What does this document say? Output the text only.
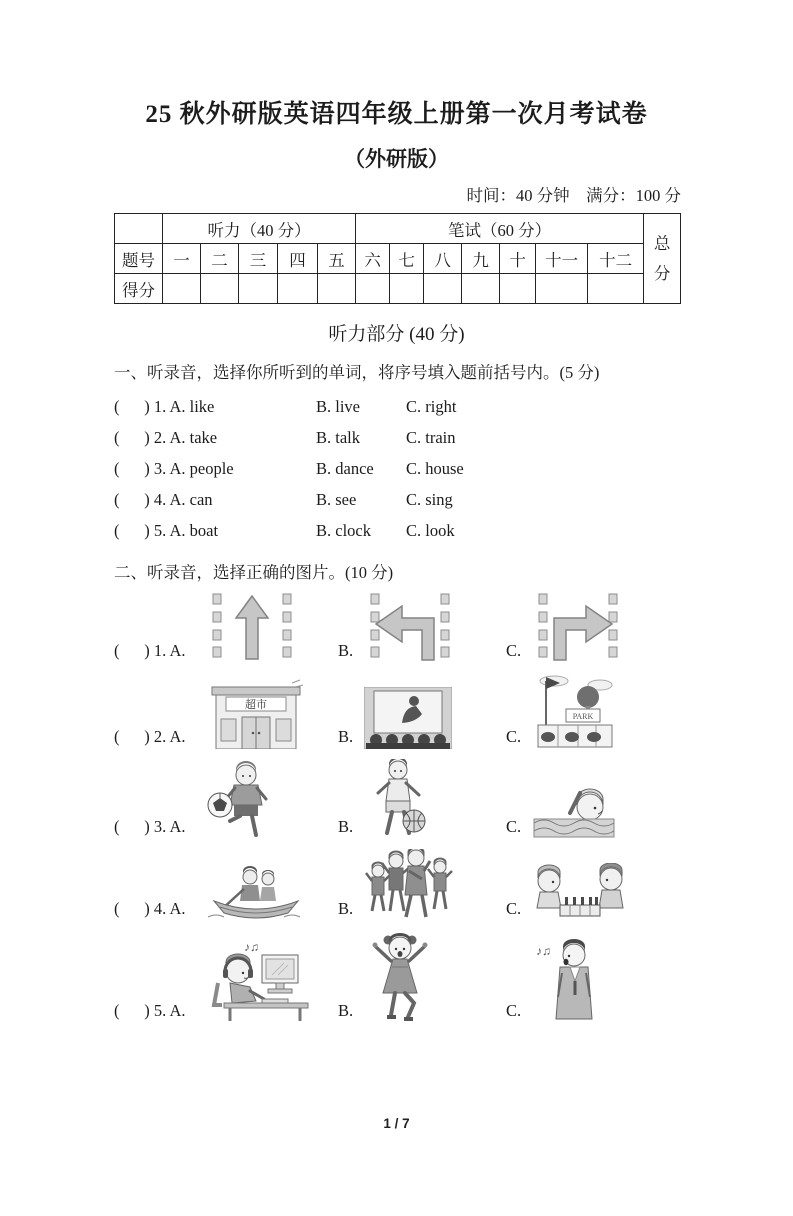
25 秋外研版英语四年级上册第一次月考试卷
（外研版）
时间：40 分钟　满分：100 分
	听力（40 分）					笔试（60 分）							总分
题号	一	二	三	四	五	六	七	八	九	十	十一	十二	
得分													
听力部分 (40 分)
一、听录音，选择你所听到的单词，将序号填入题前括号内。(5 分)
(      ) 1. A. like	B. live	C. right
(      ) 2. A. take	B. talk	C. train
(      ) 3. A. people	B. dance	C. house
(      ) 4. A. can	B. see	C. sing
(      ) 5. A. boat	B. clock	C. look
二、听录音，选择正确的图片。(10 分)
(      ) 1. A.	B.	C.
(      ) 2. A.
超市
B.	C.
PARK
(      ) 3. A.	B.	C.
(      ) 4. A.	B.	C.
(      ) 5. A.
♪♫
B.	C.
♪♫
1 / 7
